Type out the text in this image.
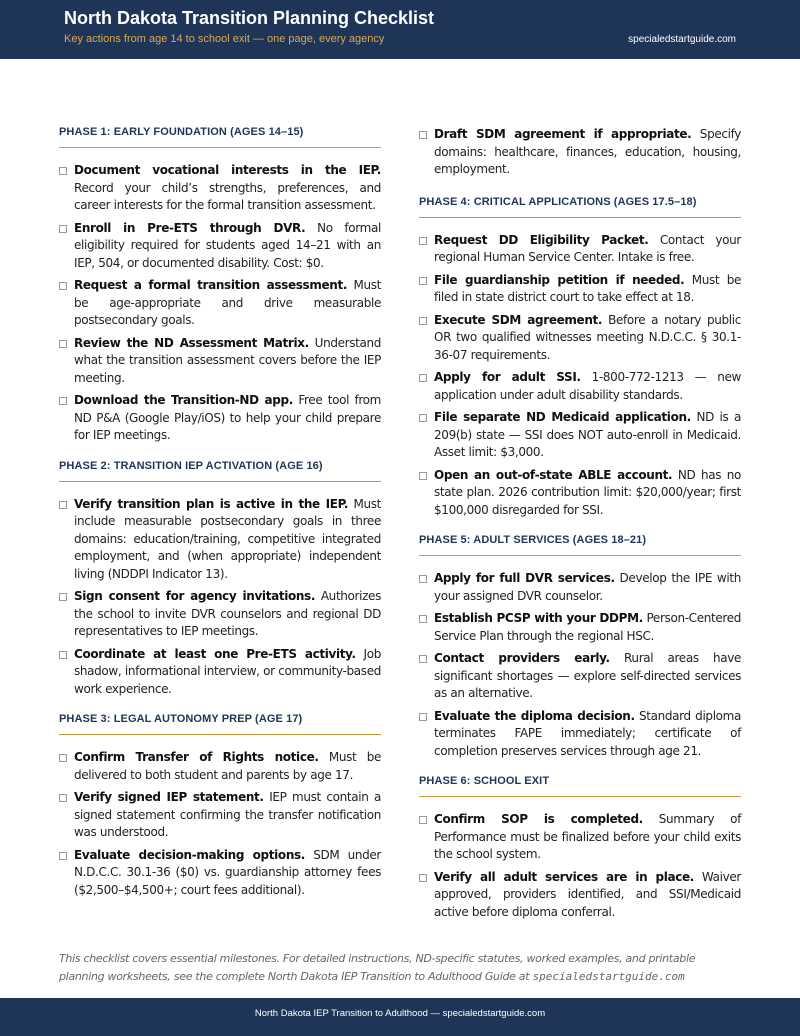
North Dakota Transition Planning Checklist
Key actions from age 14 to school exit — one page, every agency	specialedstartguide.com
PHASE 1: EARLY FOUNDATION (AGES 14–15)
Document vocational interests in the IEP. Record your child’s strengths, preferences, and career interests for the formal transition assessment.
Enroll in Pre-ETS through DVR. No formal eligibility required for students aged 14–21 with an IEP, 504, or documented disability. Cost: $0.
Request a formal transition assessment. Must be age-appropriate and drive measurable postsecondary goals.
Review the ND Assessment Matrix. Understand what the transition assessment covers before the IEP meeting.
Download the Transition-ND app. Free tool from ND P&A (Google Play/iOS) to help your child prepare for IEP meetings.
PHASE 2: TRANSITION IEP ACTIVATION (AGE 16)
Verify transition plan is active in the IEP. Must include measurable postsecondary goals in three domains: education/training, competitive integrated employment, and (when appropriate) independent living (NDDPI Indicator 13).
Sign consent for agency invitations. Authorizes the school to invite DVR counselors and regional DD representatives to IEP meetings.
Coordinate at least one Pre-ETS activity. Job shadow, informational interview, or community-based work experience.
PHASE 3: LEGAL AUTONOMY PREP (AGE 17)
Confirm Transfer of Rights notice. Must be delivered to both student and parents by age 17.
Verify signed IEP statement. IEP must contain a signed statement confirming the transfer notification was understood.
Evaluate decision-making options. SDM under N.D.C.C. 30.1-36 ($0) vs. guardianship attorney fees ($2,500–$4,500+; court fees additional).
Draft SDM agreement if appropriate. Specify domains: healthcare, finances, education, housing, employment.
PHASE 4: CRITICAL APPLICATIONS (AGES 17.5–18)
Request DD Eligibility Packet. Contact your regional Human Service Center. Intake is free.
File guardianship petition if needed. Must be filed in state district court to take effect at 18.
Execute SDM agreement. Before a notary public OR two qualified witnesses meeting N.D.C.C. § 30.1-36-07 requirements.
Apply for adult SSI. 1-800-772-1213 — new application under adult disability standards.
File separate ND Medicaid application. ND is a 209(b) state — SSI does NOT auto-enroll in Medicaid. Asset limit: $3,000.
Open an out-of-state ABLE account. ND has no state plan. 2026 contribution limit: $20,000/year; first $100,000 disregarded for SSI.
PHASE 5: ADULT SERVICES (AGES 18–21)
Apply for full DVR services. Develop the IPE with your assigned DVR counselor.
Establish PCSP with your DDPM. Person-Centered Service Plan through the regional HSC.
Contact providers early. Rural areas have significant shortages — explore self-directed services as an alternative.
Evaluate the diploma decision. Standard diploma terminates FAPE immediately; certificate of completion preserves services through age 21.
PHASE 6: SCHOOL EXIT
Confirm SOP is completed. Summary of Performance must be finalized before your child exits the school system.
Verify all adult services are in place. Waiver approved, providers identified, and SSI/Medicaid active before diploma conferral.
This checklist covers essential milestones. For detailed instructions, ND-specific statutes, worked examples, and printable planning worksheets, see the complete North Dakota IEP Transition to Adulthood Guide at specialedstartguide.com
North Dakota IEP Transition to Adulthood — specialedstartguide.com
